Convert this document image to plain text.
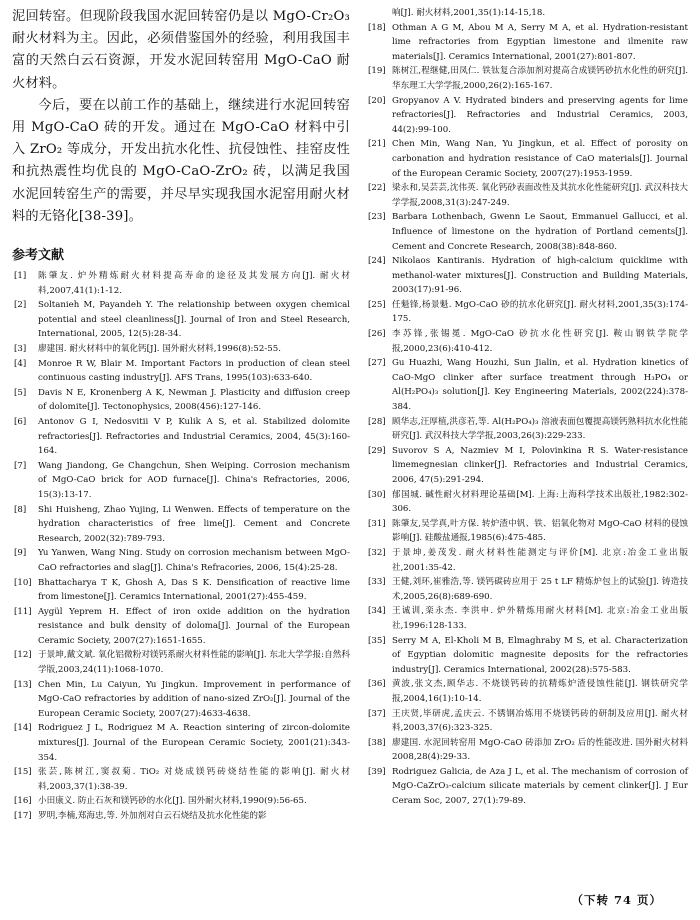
泥回转窑。但现阶段我国水泥回转窑仍是以 MgO-Cr₂O₃ 耐火材料为主。因此，必须借鉴国外的经验，利用我国丰富的天然白云石资源，开发水泥回转窑用 MgO-CaO 耐火材料。

今后，要在以前工作的基础上，继续进行水泥回转窑用 MgO-CaO 砖的开发。通过在 MgO-CaO 材料中引入 ZrO₂ 等成分，开发出抗水化性、抗侵蚀性、挂窑皮性和抗热震性均优良的 MgO-CaO-ZrO₂ 砖，以满足我国水泥回转窑生产的需要，并尽早实现我国水泥窑用耐火材料的无铬化[38-39]。

参考文献
[1]	陈肇友. 炉外精炼耐火材料提高寿命的途径及其发展方向[J]. 耐火材料,2007,41(1):1-12.
[2]	Soltanieh M, Payandeh Y. The relationship between oxygen chemical potential and steel cleanliness[J]. Journal of Iron and Steel Research, International, 2005, 12(5):28-34.
[3]	廖建国. 耐火材料中的氧化钙[J]. 国外耐火材料,1996(8):52-55.
[4]	Monroe R W, Blair M. Important Factors in production of clean steel continuous casting industry[J]. AFS Trans, 1995(103):633-640.
[5]	Davis N E, Kronenberg A K, Newman J. Plasticity and diffusion creep of dolomite[J]. Tectonophysics, 2008(456):127-146.
[6]	Antonov G I, Nedosvitii V P, Kulik A S, et al. Stabilized dolomite refractories[J]. Refractories and Industrial Ceramics, 2004, 45(3):160-164.
[7]	Wang Jiandong, Ge Changchun, Shen Weiping. Corrosion mechanism of MgO-CaO brick for AOD furnace[J]. China's Refractories, 2006, 15(3):13-17.
[8]	Shi Huisheng, Zhao Yujing, Li Wenwen. Effects of temperature on the hydration characteristics of free lime[J]. Cement and Concrete Research, 2002(32):789-793.
[9]	Yu Yanwen, Wang Ning. Study on corrosion mechanism between MgO-CaO refractories and slag[J]. China's Refracories, 2006, 15(4):25-28.
[10] Bhattacharya T K, Ghosh A, Das S K. Densification of reactive lime from limestone[J]. Ceramics International, 2001(27):455-459.
[11] Aygül Yeprem H. Effect of iron oxide addition on the hydration resistance and bulk density of doloma[J]. Journal of the European Ceramic Society, 2007(27):1651-1655.
[12] 于景坤,戴文斌. 氧化铝微粉对镁钙系耐火材料性能的影响[J]. 东北大学学报:自然科学版,2003,24(11):1068-1070.
[13] Chen Min, Lu Caiyun, Yu Jingkun. Improvement in performance of MgO-CaO refractories by addition of nano-sized ZrO₂[J]. Journal of the European Ceramic Society, 2007(27):4633-4638.
[14] Rodriguez J L, Rodriguez M A. Reaction sintering of zircon-dolomite mixtures[J]. Journal of the European Ceramic Society, 2001(21):343-354.
[15] 张芸,陈树江,窦叔菊. TiO₂ 对烧成镁钙砖烧结性能的影响[J]. 耐火材料,2003,37(1):38-39.
[16] 小田康义. 防止石灰和镁钙砂的水化[J]. 国外耐火材料,1990(9):56-65.
[17] 罗明,李楠,郑海忠,等. 外加剂对白云石烧结及抗水化性能的影
响[J]. 耐火材料,2001,35(1):14-15,18.
[18] Othman A G M, Abou M A, Serry M A, et al. Hydration-resistant lime refractories from Egyptian limestone and ilmenite raw materials[J]. Ceramics International, 2001(27):801-807.
[19] 陈树江,程继健,田凤仁. 铁钛复合添加剂对提高合成镁钙砂抗水化性的研究[J]. 华东理工大学学报,2000,26(2):165-167.
[20] Gropyanov A V. Hydrated binders and preserving agents for lime refractories[J]. Refractories and Industrial Ceramics, 2003, 44(2):99-100.
[21] Chen Min, Wang Nan, Yu Jingkun, et al. Effect of porosity on carbonation and hydration resistance of CaO materials[J]. Journal of the European Ceramic Society, 2007(27):1953-1959.
[22] 梁永和,吴芸芸,沈伟英. 氧化钙砂表面改性及其抗水化性能研究[J]. 武汉科技大学学报,2008,31(3):247-249.
[23] Barbara Lothenbach, Gwenn Le Saout, Emmanuel Gallucci, et al. Influence of limestone on the hydration of Portland cements[J]. Cement and Concrete Research, 2008(38):848-860.
[24] Nikolaos Kantiranis. Hydration of high-calcium quicklime with methanol-water mixtures[J]. Construction and Building Materials, 2003(17):91-96.
[25] 任魁锋,杨景魁. MgO-CaO 砂的抗水化研究[J]. 耐火材料,2001,35(3):174-175.
[26] 李苏锋,张锡冕. MgO-CaO 砂抗水化性研究[J]. 鞍山钢铁学院学报,2000,23(6):410-412.
[27] Gu Huazhi, Wang Houzhi, Sun Jialin, et al. Hydration kinetics of CaO-MgO clinker after surface treatment through H₃PO₄ or Al(H₂PO₄)₃ solution[J]. Key Engineering Materials, 2002(224):378-384.
[28] 顾华志,汪厚植,洪彦若,等. Al(H₂PO₄)₃ 溶液表面包覆提高镁钙熟料抗水化性能研究[J]. 武汉科技大学学报,2003,26(3):229-233.
[29] Suvorov S A, Nazmiev M I, Polovinkina R S. Water-resistance limemegnesian clinker[J]. Refractories and Industrial Ceramics, 2006, 47(5):291-294.
[30] 郁国城. 碱性耐火材料理论基础[M]. 上海:上海科学技术出版社,1982:302-306.
[31] 陈肇友,吴学真,叶方保. 转炉渣中钒、铁、铝氧化物对 MgO-CaO 材料的侵蚀影响[J]. 硅酸盐通报,1985(6):475-485.
[32] 于景坤,姜茂发. 耐火材料性能测定与评价[M]. 北京:冶金工业出版社,2001:35-42.
[33] 王健,刘环,崔雅浩,等. 镁钙碳砖应用于 25 t LF 精炼炉包上的试验[J]. 铸造技术,2005,26(8):689-690.
[34] 王诚训,栾永杰. 李洪申. 炉外精炼用耐火材料[M]. 北京:冶金工业出版社,1996:128-133.
[35] Serry M A, El-Kholi M B, Elmaghraby M S, et al. Characterization of Egyptian dolomitic magnesite deposits for the refractories industry[J]. Ceramics International, 2002(28):575-583.
[36] 黄波,张文杰,顾华志. 不烧镁钙砖的抗精炼炉渣侵蚀性能[J]. 钢铁研究学报,2004,16(1):10-14.
[37] 王庆贤,毕研虎,孟庆云. 不锈钢冶炼用不烧镁钙砖的研制及应用[J]. 耐火材料,2003,37(6):323-325.
[38] 廖建国. 水泥回转窑用 MgO-CaO 砖添加 ZrO₂ 后的性能改进. 国外耐火材料 2008,28(4):29-33.
[39] Rodriguez Galicia, de Aza J L, et al. The mechanism of corrosion of MgO-CaZrO₃-calcium silicate materials by cement clinker[J]. J Eur Ceram Soc, 2007, 27(1):79-89.
（下转 74 页）
